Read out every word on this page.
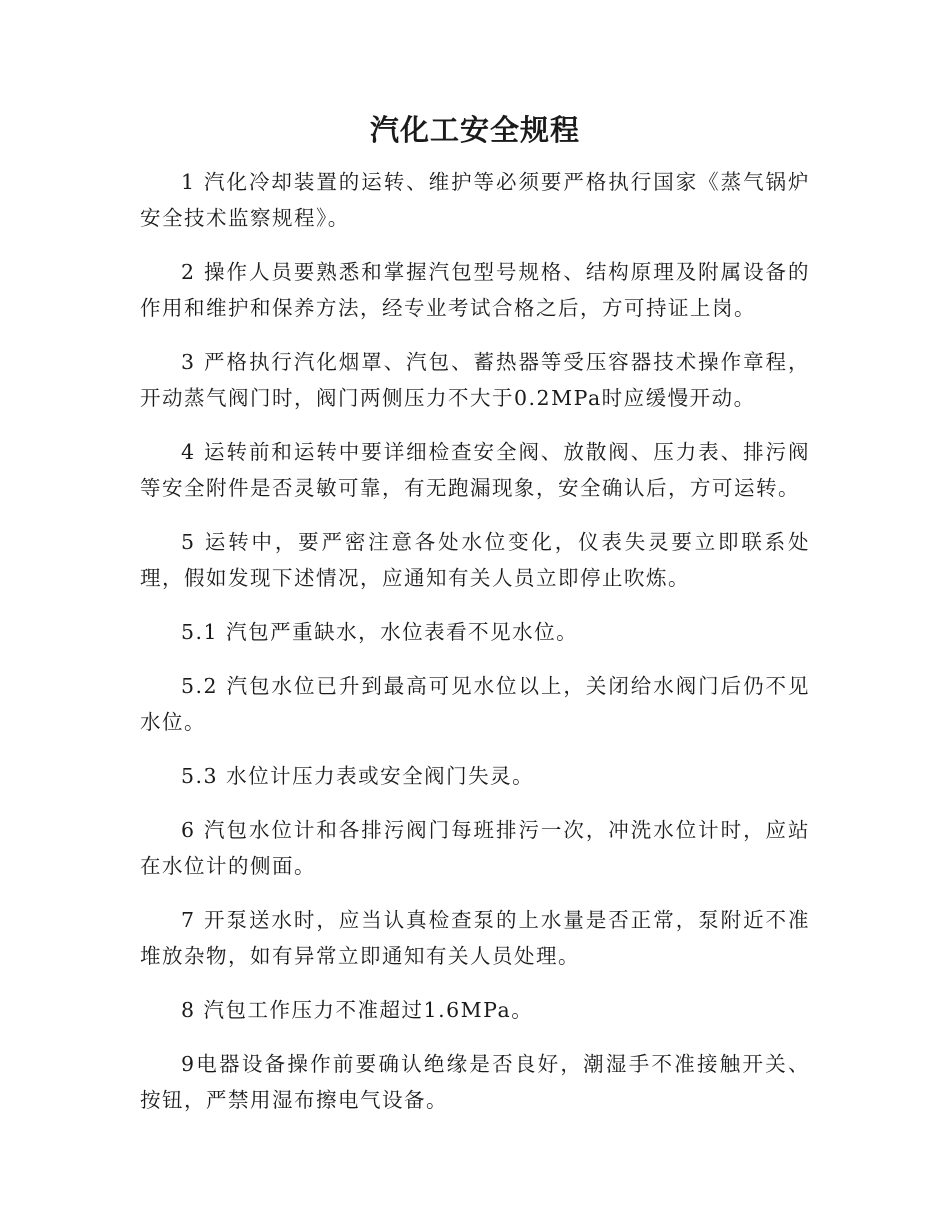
汽化工安全规程

1 汽化冷却装置的运转、维护等必须要严格执行国家《蒸气锅炉安全技术监察规程》。

2 操作人员要熟悉和掌握汽包型号规格、结构原理及附属设备的作用和维护和保养方法，经专业考试合格之后，方可持证上岗。

3 严格执行汽化烟罩、汽包、蓄热器等受压容器技术操作章程，开动蒸气阀门时，阀门两侧压力不大于0.2MPa时应缓慢开动。

4 运转前和运转中要详细检查安全阀、放散阀、压力表、排污阀等安全附件是否灵敏可靠，有无跑漏现象，安全确认后，方可运转。

5 运转中，要严密注意各处水位变化，仪表失灵要立即联系处理，假如发现下述情况，应通知有关人员立即停止吹炼。

5.1 汽包严重缺水，水位表看不见水位。

5.2 汽包水位已升到最高可见水位以上，关闭给水阀门后仍不见水位。

5.3 水位计压力表或安全阀门失灵。

6 汽包水位计和各排污阀门每班排污一次，冲洗水位计时，应站在水位计的侧面。

7 开泵送水时，应当认真检查泵的上水量是否正常，泵附近不准堆放杂物，如有异常立即通知有关人员处理。

8 汽包工作压力不准超过1.6MPa。

9电器设备操作前要确认绝缘是否良好，潮湿手不准接触开关、按钮，严禁用湿布擦电气设备。
